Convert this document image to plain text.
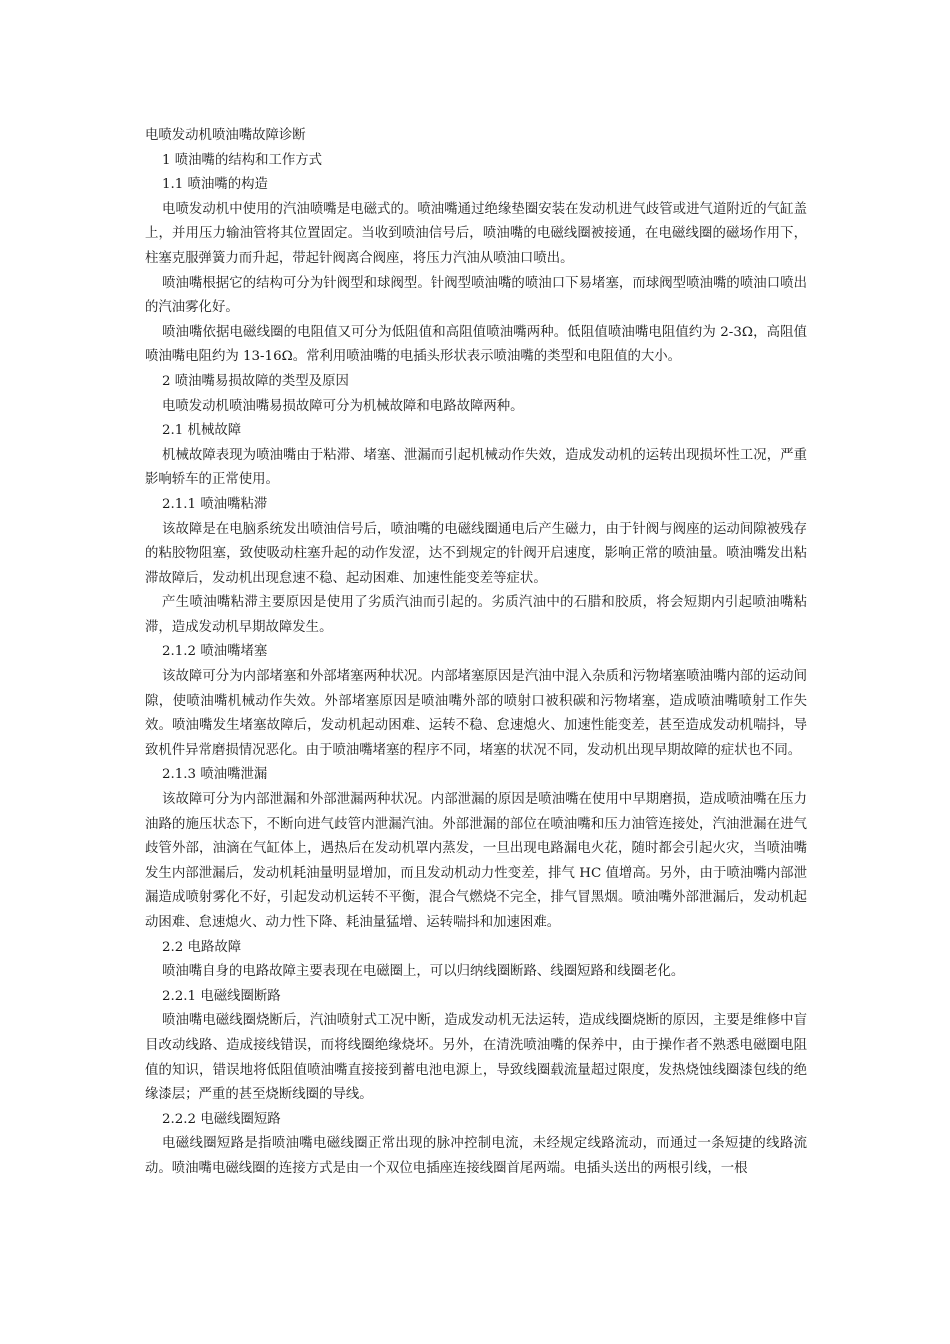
电喷发动机喷油嘴故障诊断

1 喷油嘴的结构和工作方式

1.1 喷油嘴的构造

电喷发动机中使用的汽油喷嘴是电磁式的。喷油嘴通过绝缘垫圈安装在发动机进气歧管或进气道附近的气缸盖上，并用压力输油管将其位置固定。当收到喷油信号后，喷油嘴的电磁线圈被接通，在电磁线圈的磁场作用下，柱塞克服弹簧力而升起，带起针阀离合阀座，将压力汽油从喷油口喷出。

喷油嘴根据它的结构可分为针阀型和球阀型。针阀型喷油嘴的喷油口下易堵塞，而球阀型喷油嘴的喷油口喷出的汽油雾化好。

喷油嘴依据电磁线圈的电阻值又可分为低阻值和高阻值喷油嘴两种。低阻值喷油嘴电阻值约为 2-3Ω，高阻值喷油嘴电阻约为 13-16Ω。常利用喷油嘴的电插头形状表示喷油嘴的类型和电阻值的大小。

2 喷油嘴易损故障的类型及原因

电喷发动机喷油嘴易损故障可分为机械故障和电路故障两种。

2.1 机械故障

机械故障表现为喷油嘴由于粘滞、堵塞、泄漏而引起机械动作失效，造成发动机的运转出现损坏性工况，严重影响轿车的正常使用。

2.1.1 喷油嘴粘滞

该故障是在电脑系统发出喷油信号后，喷油嘴的电磁线圈通电后产生磁力，由于针阀与阀座的运动间隙被残存的粘胶物阻塞，致使吸动柱塞升起的动作发涩，达不到规定的针阀开启速度，影响正常的喷油量。喷油嘴发出粘滞故障后，发动机出现怠速不稳、起动困难、加速性能变差等症状。

产生喷油嘴粘滞主要原因是使用了劣质汽油而引起的。劣质汽油中的石腊和胶质，将会短期内引起喷油嘴粘滞，造成发动机早期故障发生。

2.1.2 喷油嘴堵塞

该故障可分为内部堵塞和外部堵塞两种状况。内部堵塞原因是汽油中混入杂质和污物堵塞喷油嘴内部的运动间隙，使喷油嘴机械动作失效。外部堵塞原因是喷油嘴外部的喷射口被积碳和污物堵塞，造成喷油嘴喷射工作失效。喷油嘴发生堵塞故障后，发动机起动困难、运转不稳、怠速熄火、加速性能变差，甚至造成发动机喘抖，导致机件异常磨损情况恶化。由于喷油嘴堵塞的程序不同，堵塞的状况不同，发动机出现早期故障的症状也不同。

2.1.3 喷油嘴泄漏

该故障可分为内部泄漏和外部泄漏两种状况。内部泄漏的原因是喷油嘴在使用中早期磨损，造成喷油嘴在压力油路的施压状态下，不断向进气歧管内泄漏汽油。外部泄漏的部位在喷油嘴和压力油管连接处，汽油泄漏在进气歧管外部，油滴在气缸体上，遇热后在发动机罩内蒸发，一旦出现电路漏电火花，随时都会引起火灾，当喷油嘴发生内部泄漏后，发动机耗油量明显增加，而且发动机动力性变差，排气 HC 值增高。另外，由于喷油嘴内部泄漏造成喷射雾化不好，引起发动机运转不平衡，混合气燃烧不完全，排气冒黑烟。喷油嘴外部泄漏后，发动机起动困难、怠速熄火、动力性下降、耗油量猛增、运转喘抖和加速困难。

2.2 电路故障

喷油嘴自身的电路故障主要表现在电磁圈上，可以归纳线圈断路、线圈短路和线圈老化。

2.2.1 电磁线圈断路

喷油嘴电磁线圈烧断后，汽油喷射式工况中断，造成发动机无法运转，造成线圈烧断的原因，主要是维修中盲目改动线路、造成接线错误，而将线圈绝缘烧坏。另外，在清洗喷油嘴的保养中，由于操作者不熟悉电磁圈电阻值的知识，错误地将低阻值喷油嘴直接接到蓄电池电源上，导致线圈载流量超过限度，发热烧蚀线圈漆包线的绝缘漆层；严重的甚至烧断线圈的导线。

2.2.2 电磁线圈短路

电磁线圈短路是指喷油嘴电磁线圈正常出现的脉冲控制电流，未经规定线路流动，而通过一条短捷的线路流动。喷油嘴电磁线圈的连接方式是由一个双位电插座连接线圈首尾两端。电插头送出的两根引线，一根
